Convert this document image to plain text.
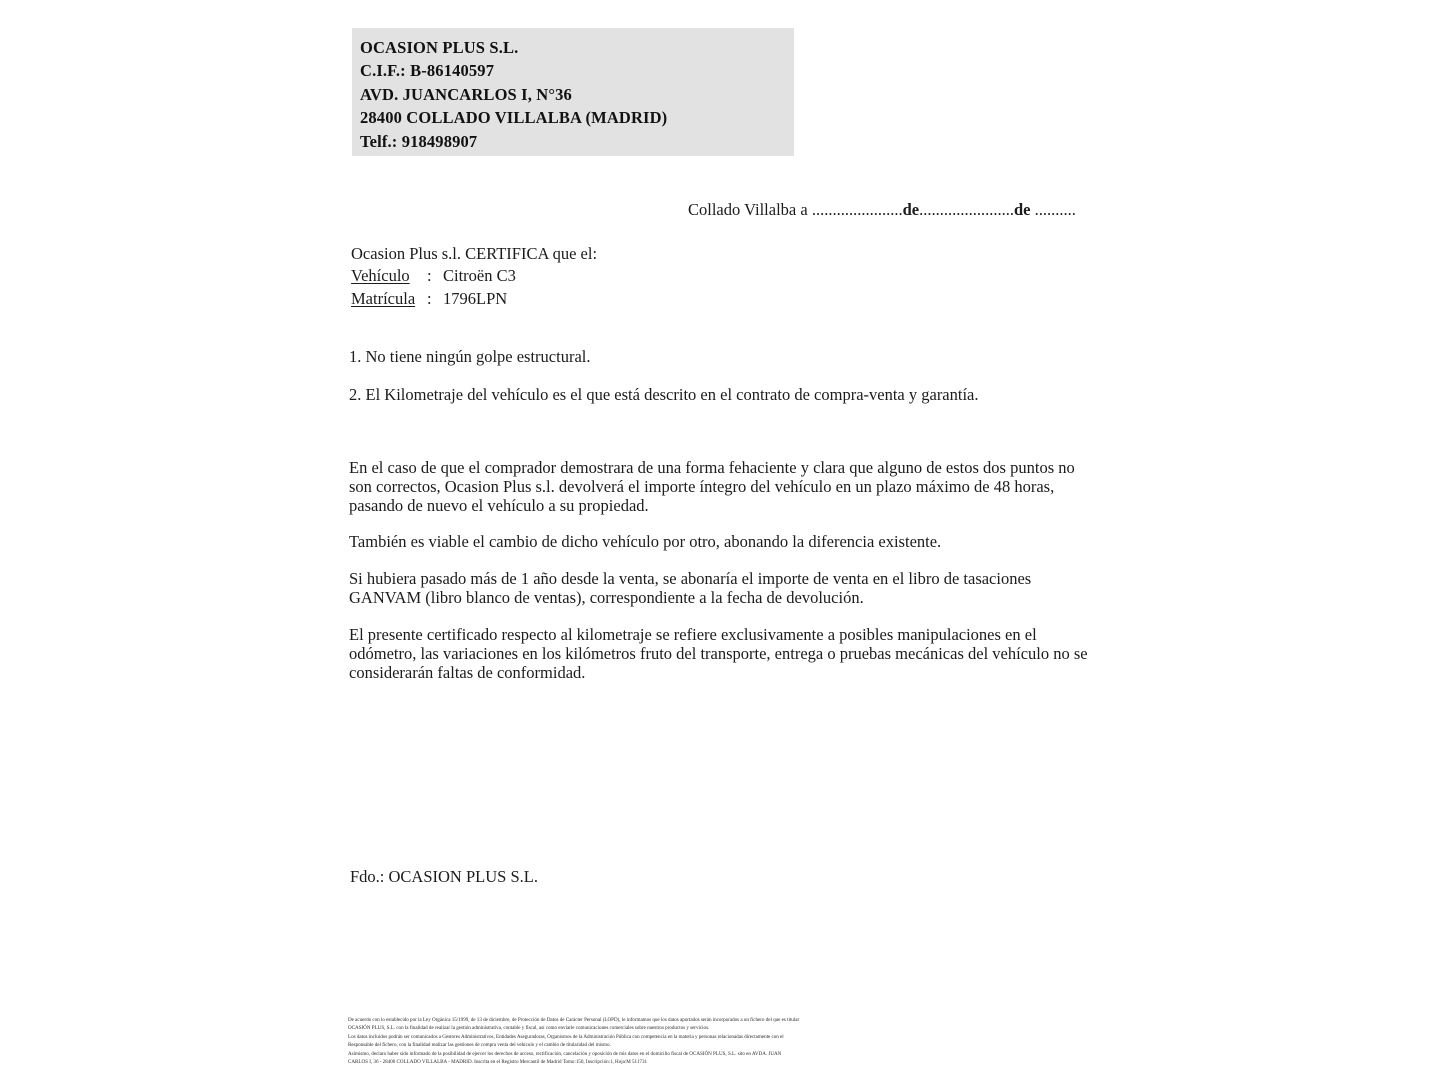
OCASION PLUS S.L.
C.I.F.: B-86140597
AVD. JUANCARLOS I, N°36
28400 COLLADO VILLALBA (MADRID)
Telf.: 918498907
Collado Villalba a ......................de.......................de ..........
Ocasion Plus s.l. CERTIFICA que el:
Vehículo : Citroën C3
Matrícula : 1796LPN
1. No tiene ningún golpe estructural.
2. El Kilometraje del vehículo es el que está descrito en el contrato de compra-venta y garantía.
En el caso de que el comprador demostrara de una forma fehaciente y clara que alguno de estos dos puntos no son correctos, Ocasion Plus s.l. devolverá el importe íntegro del vehículo en un plazo máximo de 48 horas, pasando de nuevo el vehículo a su propiedad.
También es viable el cambio de dicho vehículo por otro, abonando la diferencia existente.
Si hubiera pasado más de 1 año desde la venta, se abonaría el importe de venta en el libro de tasaciones GANVAM (libro blanco de ventas), correspondiente a la fecha de devolución.
El presente certificado respecto al kilometraje se refiere exclusivamente a posibles manipulaciones en el odómetro, las variaciones en los kilómetros fruto del transporte, entrega o pruebas mecánicas del vehículo no se considerarán faltas de conformidad.
Fdo.: OCASION PLUS S.L.
De acuerdo con lo establecido por la Ley Orgánica 15/1999, de 13 de diciembre, de Protección de Datos de Carácter Personal (LOPD), le informamos que los datos aportados serán incorporados a un fichero del que es titular
OCASIÓN PLUS, S.L. con la finalidad de realizar la gestión administrativa, contable y fiscal, así como enviarle comunicaciones comerciales sobre nuestros productos y servicios.
Los datos incluidos podrán ser comunicados a Gestores Administrativos, Entidades Aseguradoras, Organismos de la Administración Pública con competencia en la materia y personas relacionadas directamente con el
Responsable del fichero, con la finalidad realizar las gestiones de compra venta del vehículo y el cambio de titularidad del mismo.
Asimismo, declaro haber sido informado de la posibilidad de ejercer los derechos de acceso, rectificación, cancelación y oposición de mis datos en el domicilio fiscal de OCASIÓN PLUS, S.L. sito en AVDA. JUAN
CARLOS I, 36 - 28400 COLLADO VILLALBA - MADRID. Inscrita en el Registro Mercantil de Madrid Tomo:150, Inscripción:1, Hoja:M 511731
